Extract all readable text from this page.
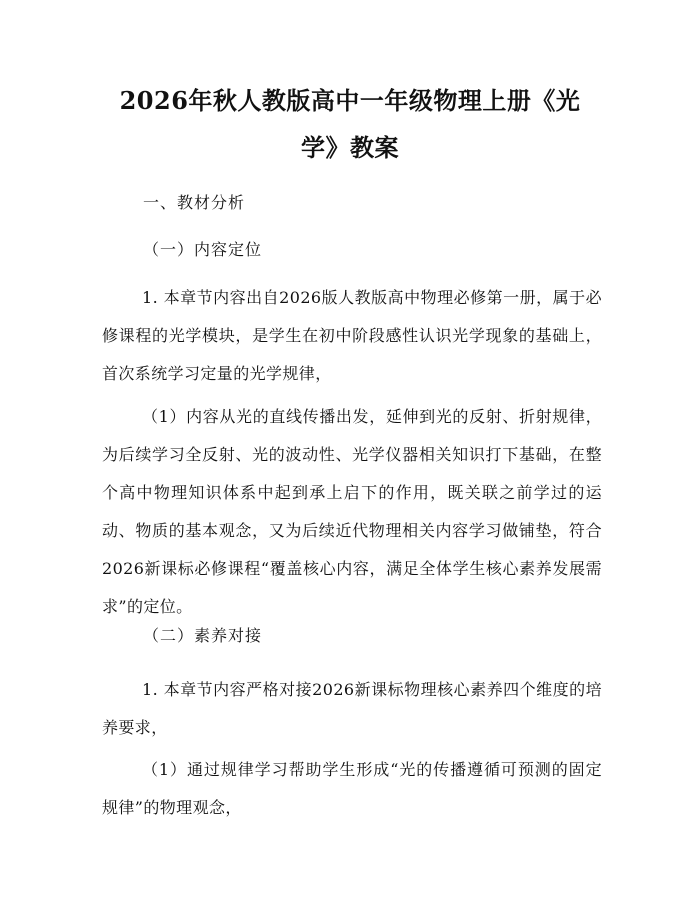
2026年秋人教版高中一年级物理上册《光
学》教案
一、教材分析
（一）内容定位
1. 本章节内容出自2026版人教版高中物理必修第一册，属于必修课程的光学模块，是学生在初中阶段感性认识光学现象的基础上，首次系统学习定量的光学规律，
（1）内容从光的直线传播出发，延伸到光的反射、折射规律，为后续学习全反射、光的波动性、光学仪器相关知识打下基础，在整个高中物理知识体系中起到承上启下的作用，既关联之前学过的运动、物质的基本观念，又为后续近代物理相关内容学习做铺垫，符合2026新课标必修课程“覆盖核心内容，满足全体学生核心素养发展需求”的定位。
（二）素养对接
1. 本章节内容严格对接2026新课标物理核心素养四个维度的培养要求，
（1）通过规律学习帮助学生形成“光的传播遵循可预测的固定规律”的物理观念，
